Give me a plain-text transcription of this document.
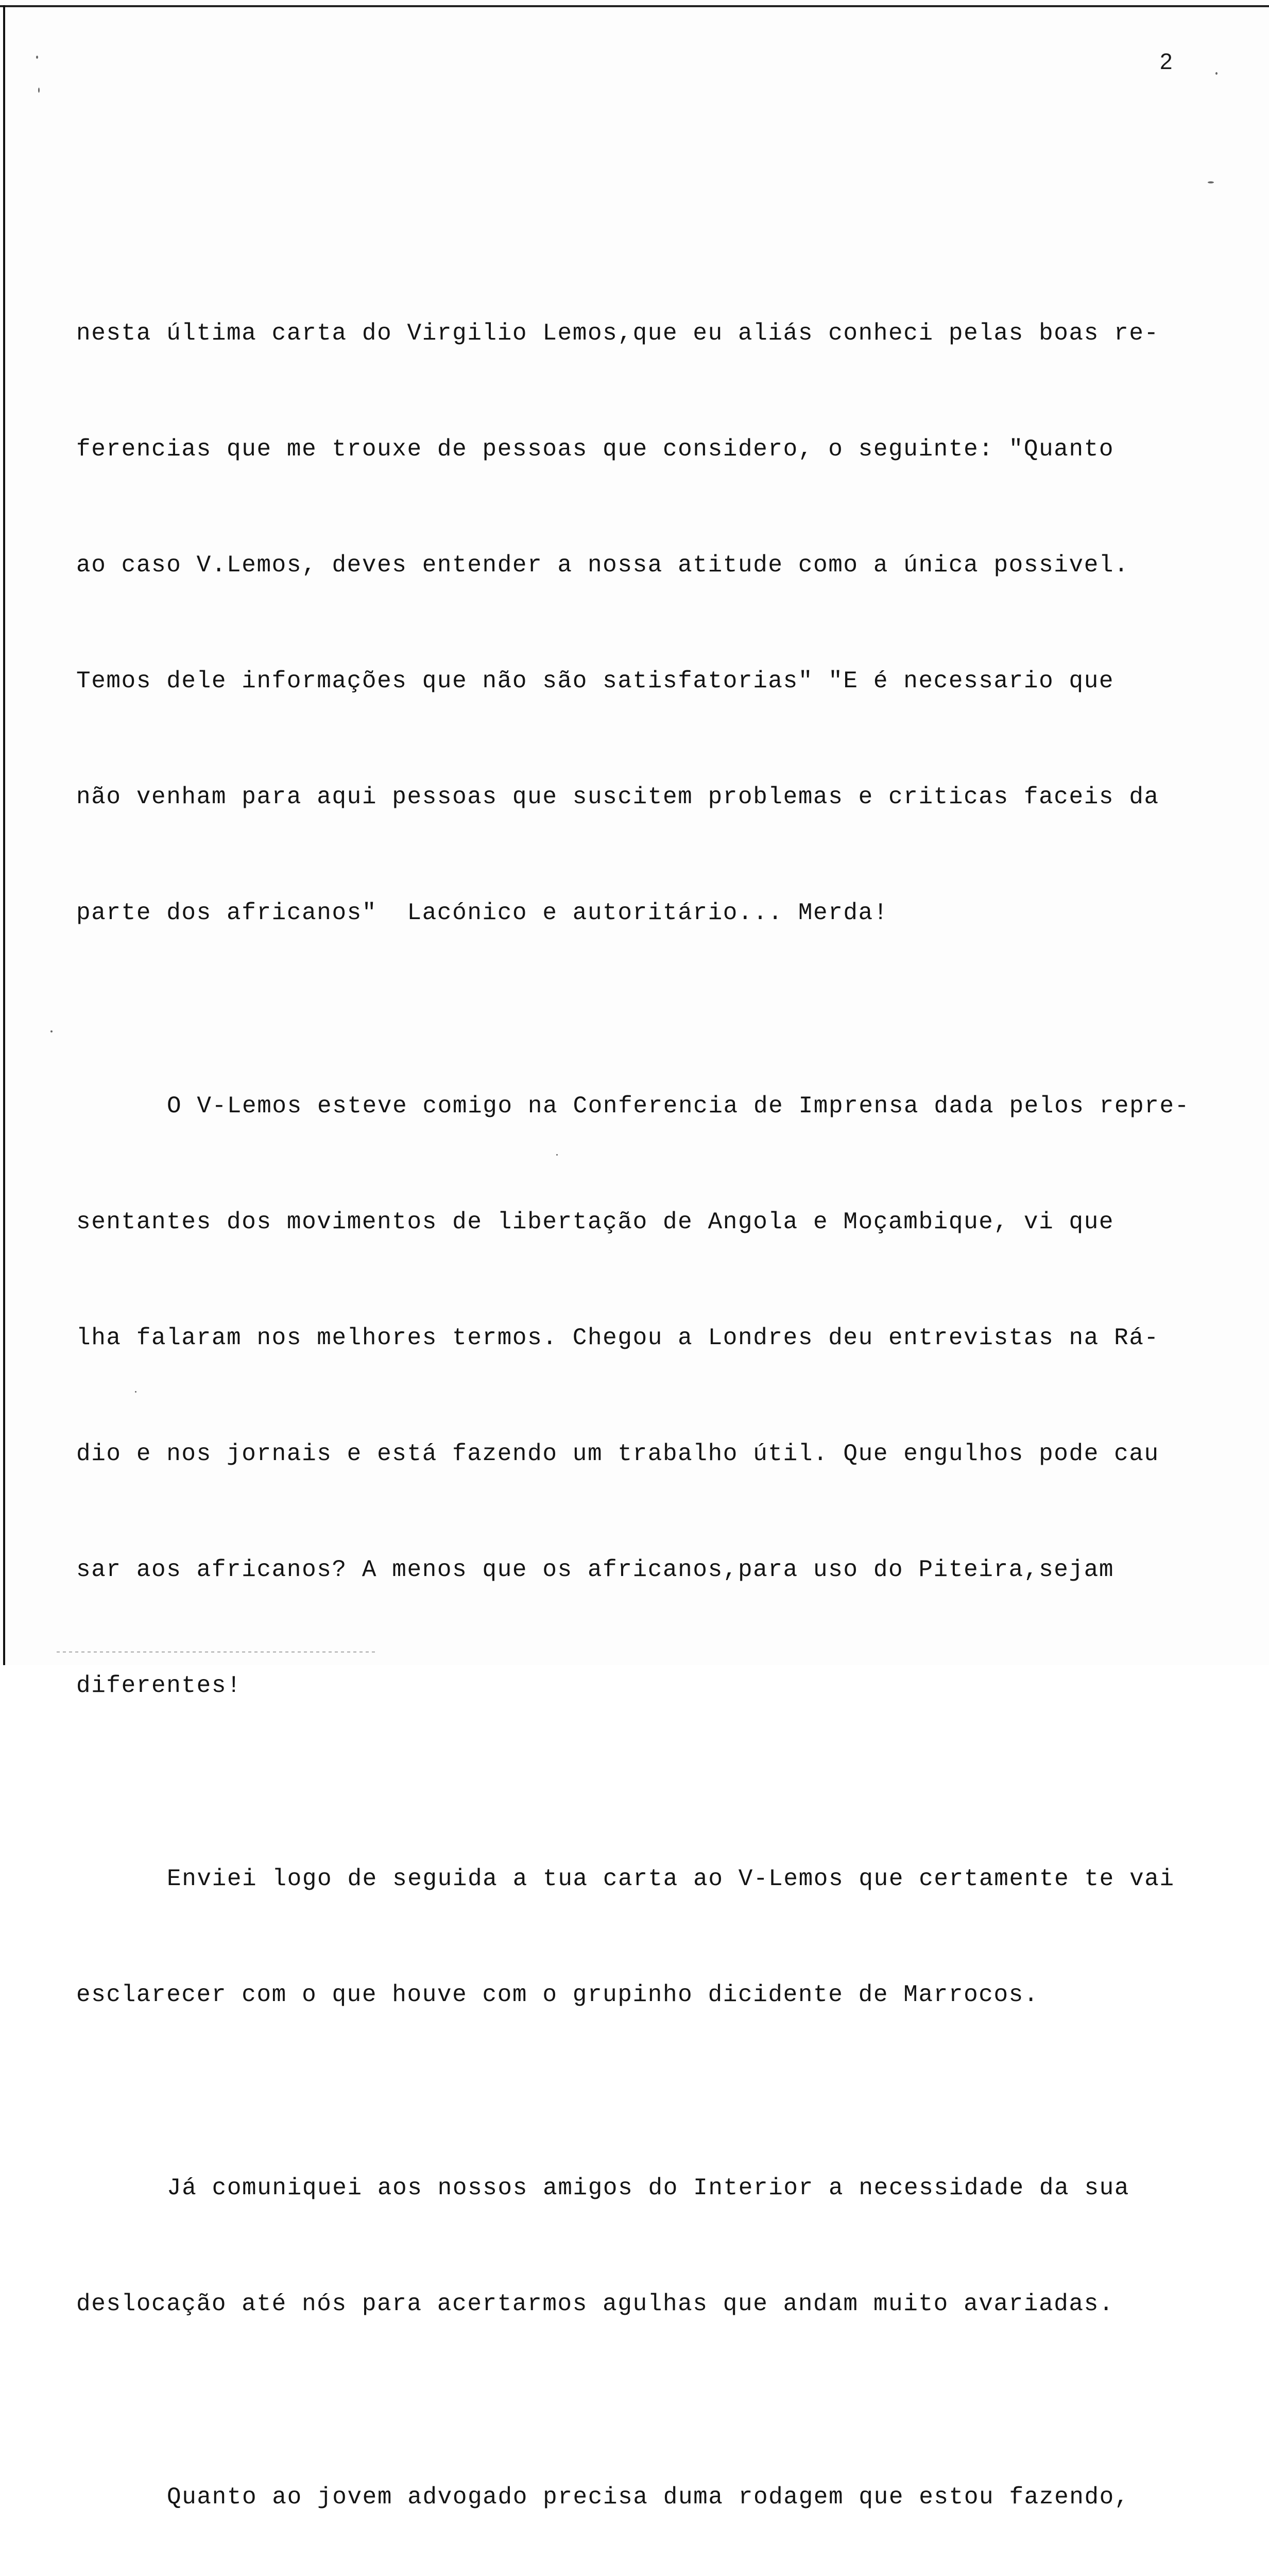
2

nesta última carta do Virgilio Lemos,que eu aliás conheci pelas boas re-

ferencias que me trouxe de pessoas que considero, o seguinte: "Quanto

ao caso V.Lemos, deves entender a nossa atitude como a única possivel.

Temos dele informações que não são satisfatorias" "E é necessario que

não venham para aqui pessoas que suscitem problemas e criticas faceis da

parte dos africanos"  Lacónico e autoritário... Merda!

O V-Lemos esteve comigo na Conferencia de Imprensa dada pelos repre-

sentantes dos movimentos de libertação de Angola e Moçambique, vi que

lha falaram nos melhores termos. Chegou a Londres deu entrevistas na Rá-

dio e nos jornais e está fazendo um trabalho útil. Que engulhos pode cau

sar aos africanos? A menos que os africanos,para uso do Piteira,sejam

diferentes!

Enviei logo de seguida a tua carta ao V-Lemos que certamente te vai

esclarecer com o que houve com o grupinho dicidente de Marrocos.

Já comuniquei aos nossos amigos do Interior a necessidade da sua

deslocação até nós para acertarmos agulhas que andam muito avariadas.

Quanto ao jovem advogado precisa duma rodagem que estou fazendo,
